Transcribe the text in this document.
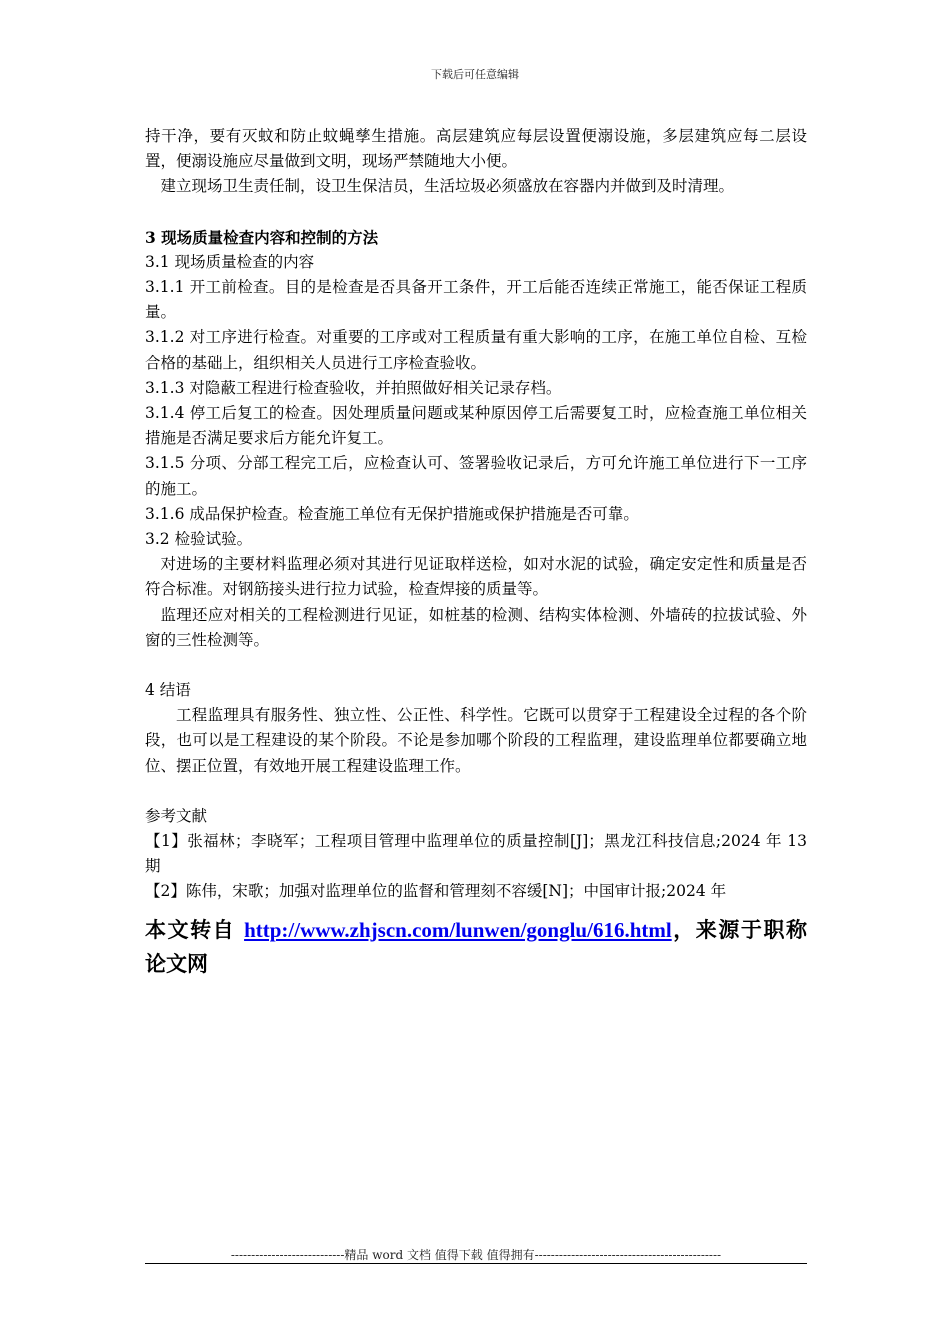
下载后可任意编辑

持干净，要有灭蚊和防止蚊蝇孳生措施。高层建筑应每层设置便溺设施，多层建筑应每二层设置，便溺设施应尽量做到文明，现场严禁随地大小便。

建立现场卫生责任制，设卫生保洁员，生活垃圾必须盛放在容器内并做到及时清理。

3 现场质量检查内容和控制的方法

3.1 现场质量检查的内容

3.1.1 开工前检查。目的是检查是否具备开工条件，开工后能否连续正常施工，能否保证工程质量。

3.1.2 对工序进行检查。对重要的工序或对工程质量有重大影响的工序，在施工单位自检、互检合格的基础上，组织相关人员进行工序检查验收。

3.1.3 对隐蔽工程进行检查验收，并拍照做好相关记录存档。

3.1.4 停工后复工的检查。因处理质量问题或某种原因停工后需要复工时，应检查施工单位相关措施是否满足要求后方能允许复工。

3.1.5 分项、分部工程完工后，应检查认可、签署验收记录后，方可允许施工单位进行下一工序的施工。

3.1.6 成品保护检查。检查施工单位有无保护措施或保护措施是否可靠。

3.2 检验试验。

对进场的主要材料监理必须对其进行见证取样送检，如对水泥的试验，确定安定性和质量是否符合标准。对钢筋接头进行拉力试验，检查焊接的质量等。

监理还应对相关的工程检测进行见证，如桩基的检测、结构实体检测、外墙砖的拉拔试验、外窗的三性检测等。

4 结语

工程监理具有服务性、独立性、公正性、科学性。它既可以贯穿于工程建设全过程的各个阶段，也可以是工程建设的某个阶段。不论是参加哪个阶段的工程监理，建设监理单位都要确立地位、摆正位置，有效地开展工程建设监理工作。

参考文献

【1】张福林；李晓军；工程项目管理中监理单位的质量控制[J]；黑龙江科技信息;2024 年 13 期

【2】陈伟，宋歌；加强对监理单位的监督和管理刻不容缓[N]；中国审计报;2024 年

本文转自 http://www.zhjscn.com/lunwen/gonglu/616.html，来源于职称论文网

----------------------------精品 word 文档 值得下载 值得拥有----------------------------------------------
